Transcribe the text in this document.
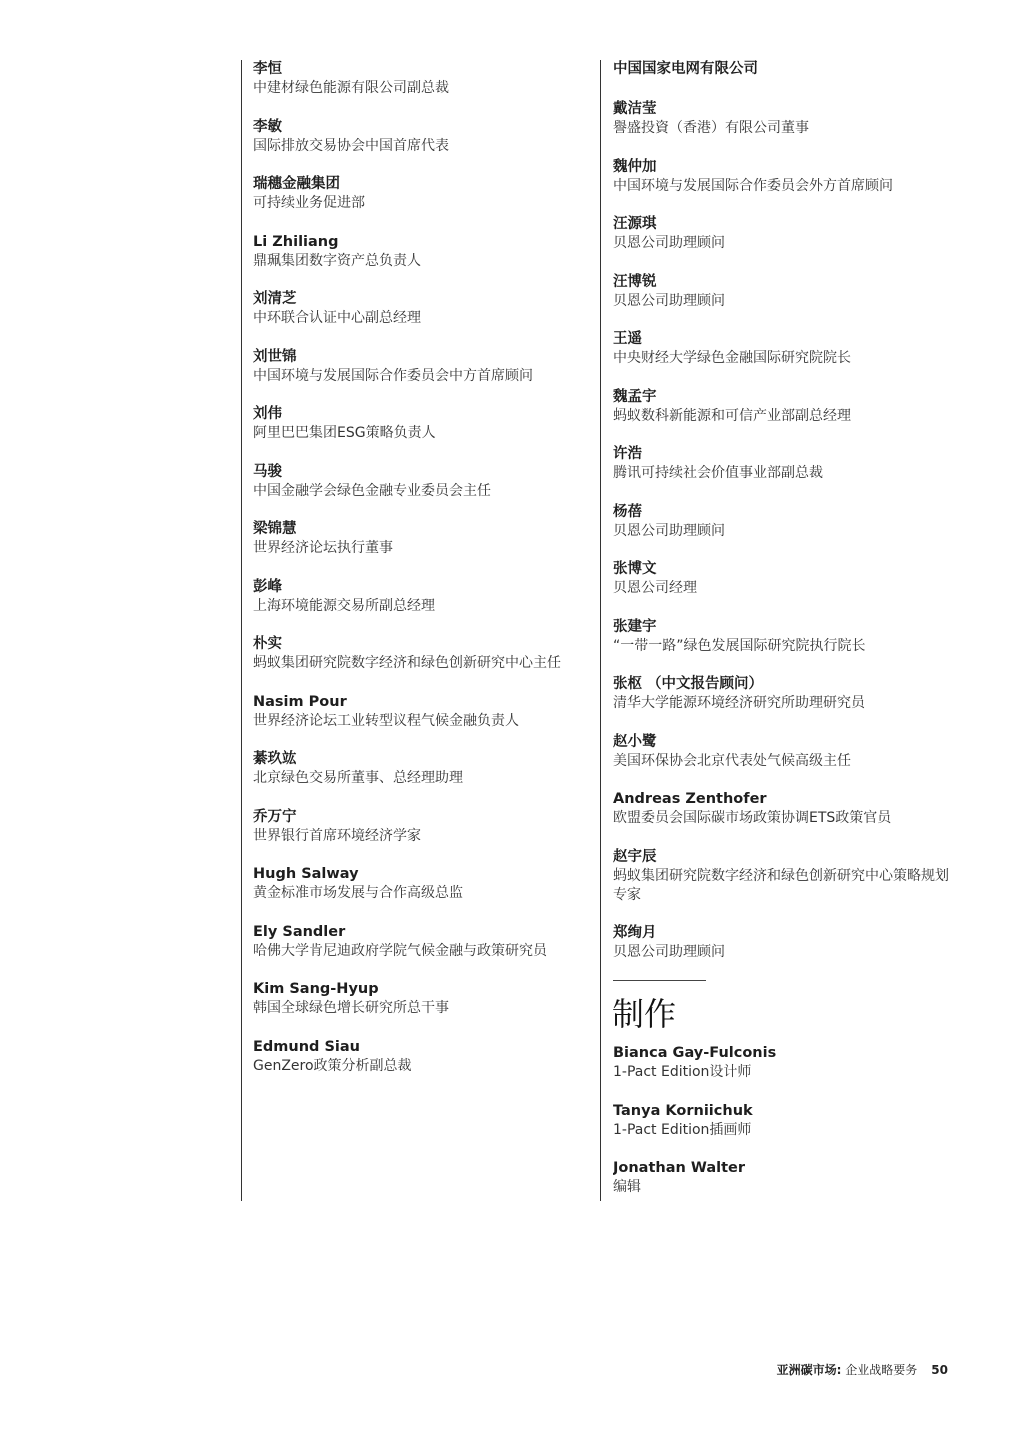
李恒
中建材绿色能源有限公司副总裁
李敏
国际排放交易协会中国首席代表
瑞穗金融集团
可持续业务促进部
Li Zhiliang
鼎珮集团数字资产总负责人
刘清芝
中环联合认证中心副总经理
刘世锦
中国环境与发展国际合作委员会中方首席顾问
刘伟
阿里巴巴集团ESG策略负责人
马骏
中国金融学会绿色金融专业委员会主任
梁锦慧
世界经济论坛执行董事
彭峰
上海环境能源交易所副总经理
朴实
蚂蚁集团研究院数字经济和绿色创新研究中心主任
Nasim Pour
世界经济论坛工业转型议程气候金融负责人
綦玖竑
北京绿色交易所董事、总经理助理
乔万宁
世界银行首席环境经济学家
Hugh Salway
黄金标准市场发展与合作高级总监
Ely Sandler
哈佛大学肯尼迪政府学院气候金融与政策研究员
Kim Sang-Hyup
韩国全球绿色增长研究所总干事
Edmund Siau
GenZero政策分析副总裁
中国国家电网有限公司
戴洁莹
譽盛投資（香港）有限公司董事
魏仲加
中国环境与发展国际合作委员会外方首席顾问
汪源琪
贝恩公司助理顾问
汪博锐
贝恩公司助理顾问
王遥
中央财经大学绿色金融国际研究院院长
魏孟宇
蚂蚁数科新能源和可信产业部副总经理
许浩
腾讯可持续社会价值事业部副总裁
杨蓓
贝恩公司助理顾问
张博文
贝恩公司经理
张建宇
“一带一路”绿色发展国际研究院执行院长
张枢 （中文报告顾问）
清华大学能源环境经济研究所助理研究员
赵小鹭
美国环保协会北京代表处气候高级主任
Andreas Zenthofer
欧盟委员会国际碳市场政策协调ETS政策官员
赵宇辰
蚂蚁集团研究院数字经济和绿色创新研究中心策略规划专家
郑绚月
贝恩公司助理顾问
制作
Bianca Gay-Fulconis
1-Pact Edition设计师
Tanya Korniichuk
1-Pact Edition插画师
Jonathan Walter
编辑
亚洲碳市场: 企业战略要务 50
